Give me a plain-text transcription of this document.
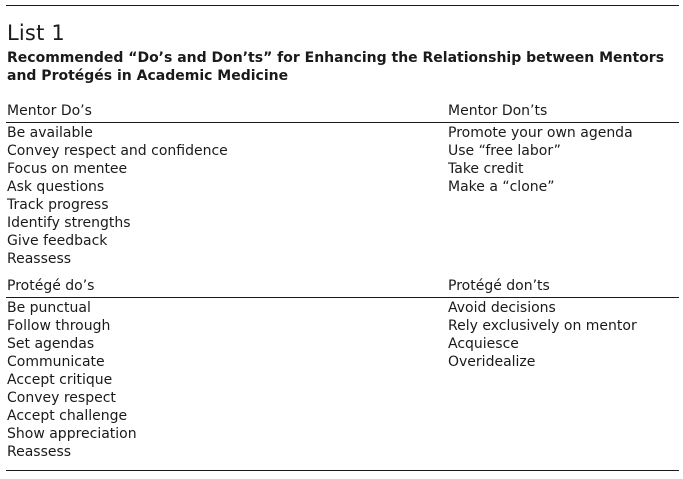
List 1
Recommended “Do’s and Don’ts” for Enhancing the Relationship between Mentors and Protégés in Academic Medicine
Mentor Do’s	Mentor Don’ts
Be available
Convey respect and confidence
Focus on mentee
Ask questions
Track progress
Identify strengths
Give feedback
Reassess
Promote your own agenda
Use “free labor”
Take credit
Make a “clone”
Protégé do’s	Protégé don’ts
Be punctual
Follow through
Set agendas
Communicate
Accept critique
Convey respect
Accept challenge
Show appreciation
Reassess
Avoid decisions
Rely exclusively on mentor
Acquiesce
Overidealize
